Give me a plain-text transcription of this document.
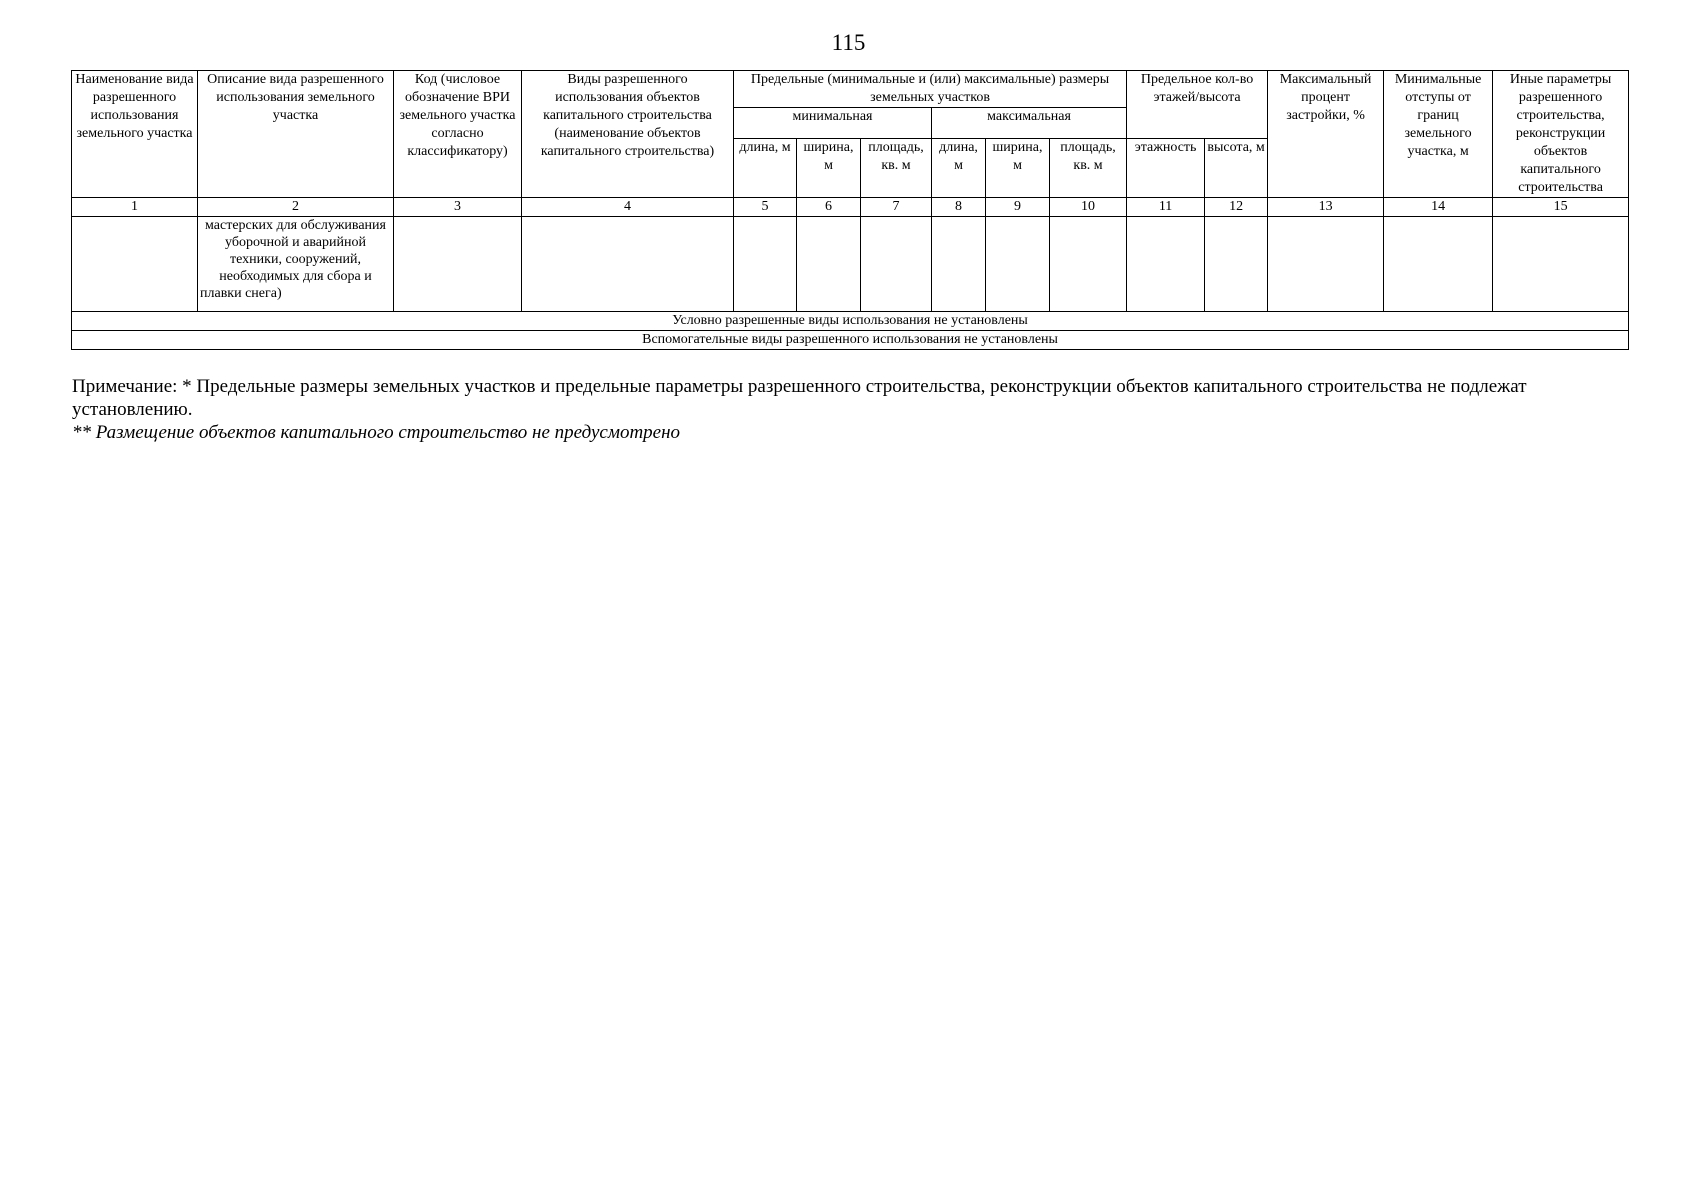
115
Наименование вида разрешенного использования земельного участка	Описание вида разрешенного использования земельного участка	Код (числовое обозначение ВРИ земельного участка согласно классификатору)	Виды разрешенного использования объектов капитального строительства (наименование объектов капитального строительства)	Предельные (минимальные и (или) максимальные) размеры земельных участков						Предельное кол-во этажей/высота		Максимальный процент застройки, %	Минимальные отступы от границ земельного участка, м	Иные параметры разрешенного строительства, реконструкции объектов капитального строительства
				минимальная			максимальная							
				длина, м	ширина, м	площадь, кв. м	длина, м	ширина, м	площадь, кв. м	этажность	высота, м			
1	2	3	4	5	6	7	8	9	10	11	12	13	14	15
	мастерских для обслуживания уборочной и аварийной техники, сооружений, необходимых для сбора и плавки снега)													
Условно разрешенные виды использования не установлены														
Вспомогательные виды разрешенного использования не установлены														

Примечание: * Предельные размеры земельных участков и предельные параметры разрешенного строительства, реконструкции объектов капитального строительства не подлежат установлению.

** Размещение объектов капитального строительство не предусмотрено
